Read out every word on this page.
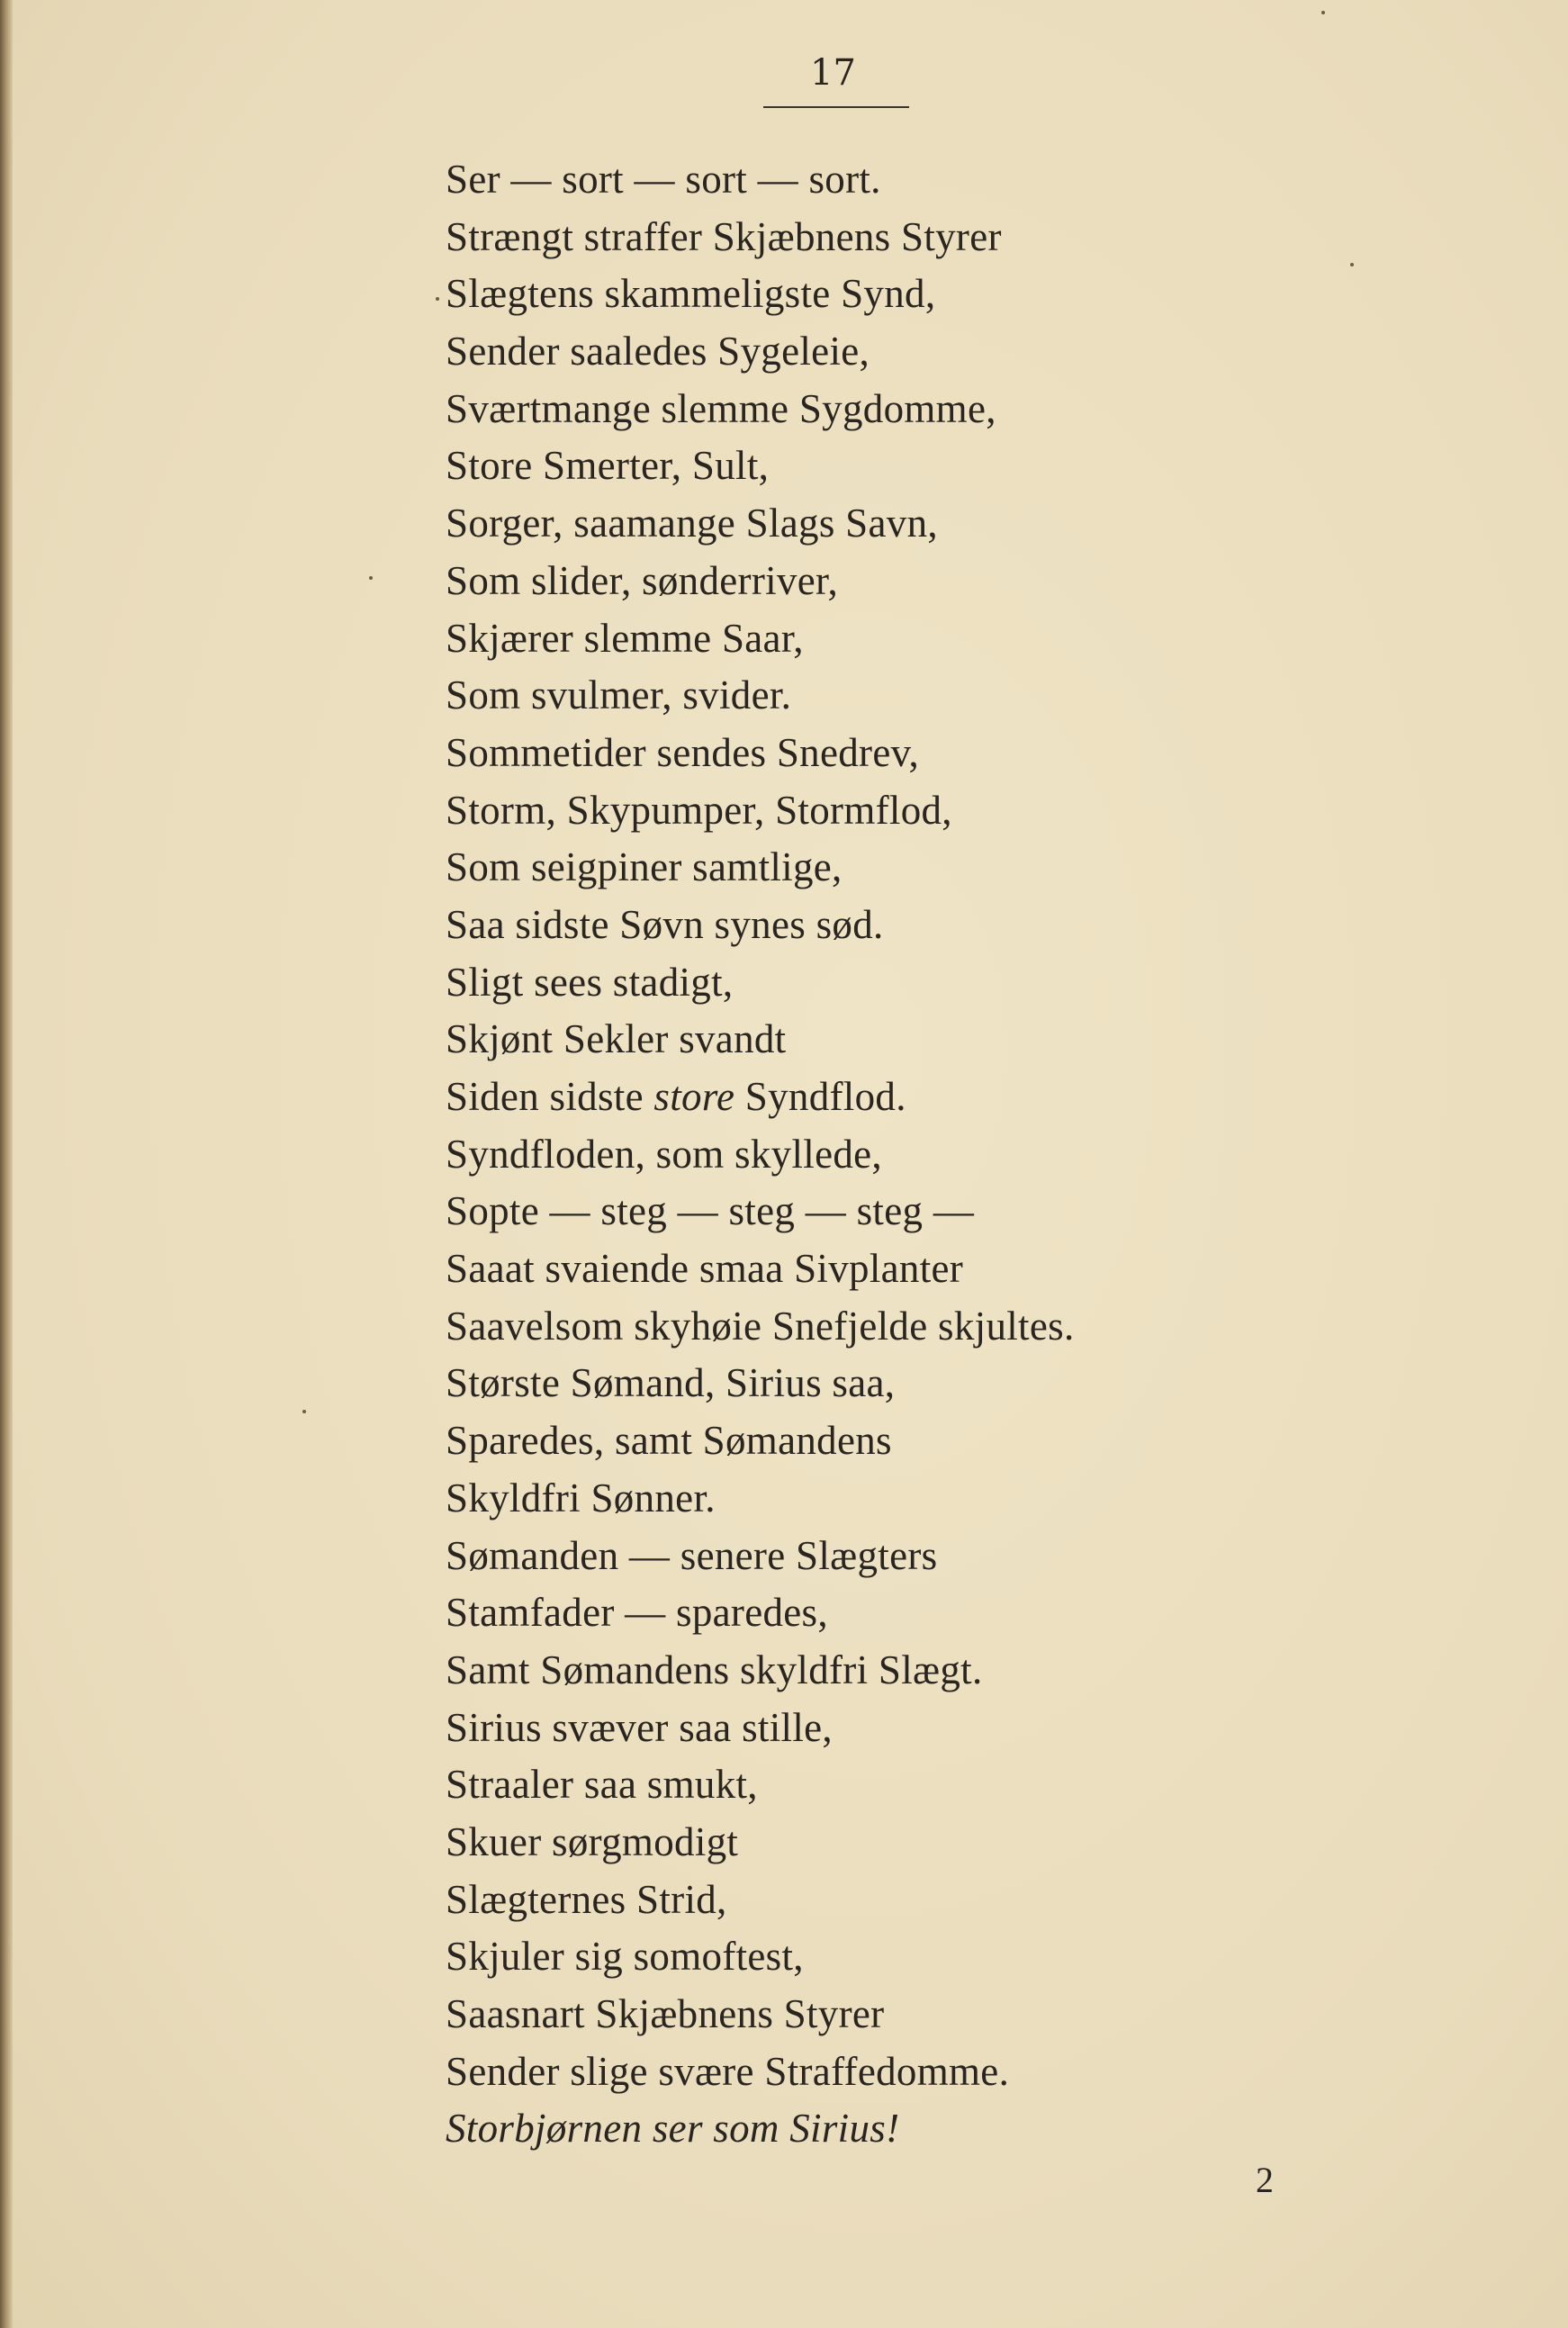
17
Ser — sort — sort — sort.
Strængt straffer Skjæbnens Styrer
Slægtens skammeligste Synd,
Sender saaledes Sygeleie,
Sværtmange slemme Sygdomme,
Store Smerter, Sult,
Sorger, saamange Slags Savn,
Som slider, sønderriver,
Skjærer slemme Saar,
Som svulmer, svider.
Sommetider sendes Snedrev,
Storm, Skypumper, Stormflod,
Som seigpiner samtlige,
Saa sidste Søvn synes sød.
Sligt sees stadigt,
Skjønt Sekler svandt
Siden sidste store Syndflod.
Syndfloden, som skyllede,
Sopte — steg — steg — steg —
Saaat svaiende smaa Sivplanter
Saavelsom skyhøie Snefjelde skjultes.
Største Sømand, Sirius saa,
Sparedes, samt Sømandens
Skyldfri Sønner.
Sømanden — senere Slægters
Stamfader — sparedes,
Samt Sømandens skyldfri Slægt.
Sirius svæver saa stille,
Straaler saa smukt,
Skuer sørgmodigt
Slægternes Strid,
Skjuler sig somoftest,
Saasnart Skjæbnens Styrer
Sender slige svære Straffedomme.
Storbjørnen ser som Sirius!
2
